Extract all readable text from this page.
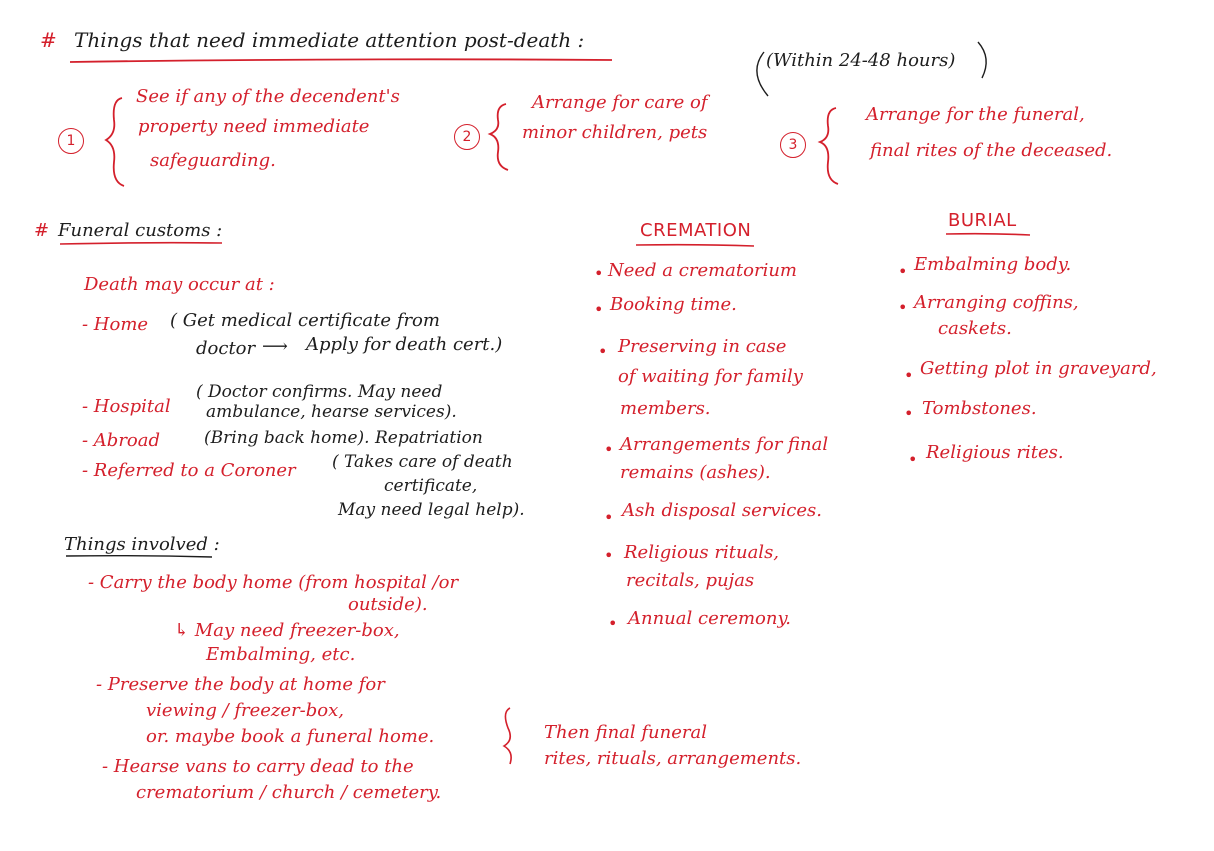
# Things that need immediate attention post-death :
(Within 24-48 hours)
1
See if any of the decendent's
property need immediate
safeguarding.
2
Arrange for care of
minor children, pets
3
Arrange for the funeral,
final rites of the deceased.
# Funeral customs :
Death may occur at :
- Home ( Get medical certificate from
doctor ⟶ Apply for death cert.)
- Hospital
( Doctor confirms. May need
ambulance, hearse services).
- Abroad	(Bring back home). Repatriation
- Referred to a Coroner ( Takes care of death
certificate,
May need legal help).
Things involved :
- Carry the body home (from hospital /or
outside).
↳ May need freezer-box,
Embalming, etc.
- Preserve the body at home for
viewing / freezer-box,
or. maybe book a funeral home.
- Hearse vans to carry dead to the
crematorium / church / cemetery.
Then final funeral
rites, rituals, arrangements.
CREMATION
• Need a crematorium
• Booking time.
• Preserving in case
of waiting for family
members.
• Arrangements for final
remains (ashes).
• Ash disposal services.
• Religious rituals,
recitals, pujas
• Annual ceremony.
BURIAL
• Embalming body.
• Arranging coffins,
caskets.
• Getting plot in graveyard,
• Tombstones.
• Religious rites.
